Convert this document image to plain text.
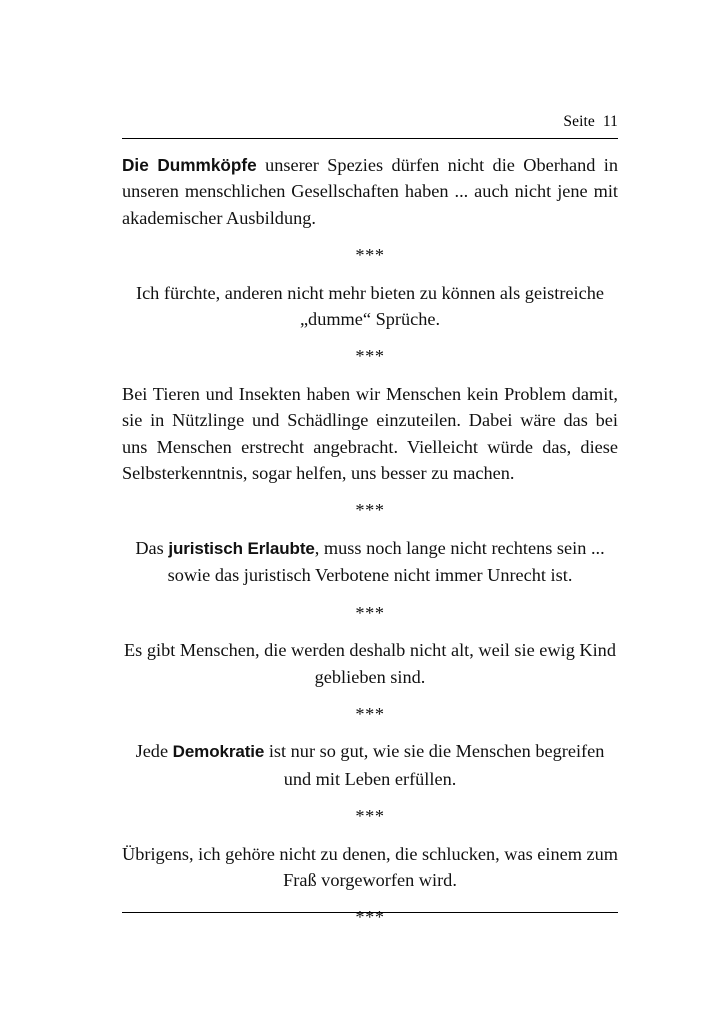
Seite  11

Die Dummköpfe unserer Spezies dürfen nicht die Oberhand in unseren menschlichen Gesellschaften haben ... auch nicht jene mit akademischer Ausbildung.

***

Ich fürchte, anderen nicht mehr bieten zu können als geistreiche „dumme“ Sprüche.

***

Bei Tieren und Insekten haben wir Menschen kein Problem damit, sie in Nützlinge und Schädlinge einzuteilen. Dabei wäre das bei uns Menschen erstrecht angebracht. Vielleicht würde das, diese Selbsterkenntnis, sogar helfen, uns besser zu machen.

***

Das juristisch Erlaubte, muss noch lange nicht rechtens sein ... sowie das juristisch Verbotene nicht immer Unrecht ist.

***

Es gibt Menschen, die werden deshalb nicht alt, weil sie ewig Kind geblieben sind.

***

Jede Demokratie ist nur so gut, wie sie die Menschen begreifen und mit Leben erfüllen.

***

Übrigens, ich gehöre nicht zu denen, die schlucken, was einem zum Fraß vorgeworfen wird.

***
